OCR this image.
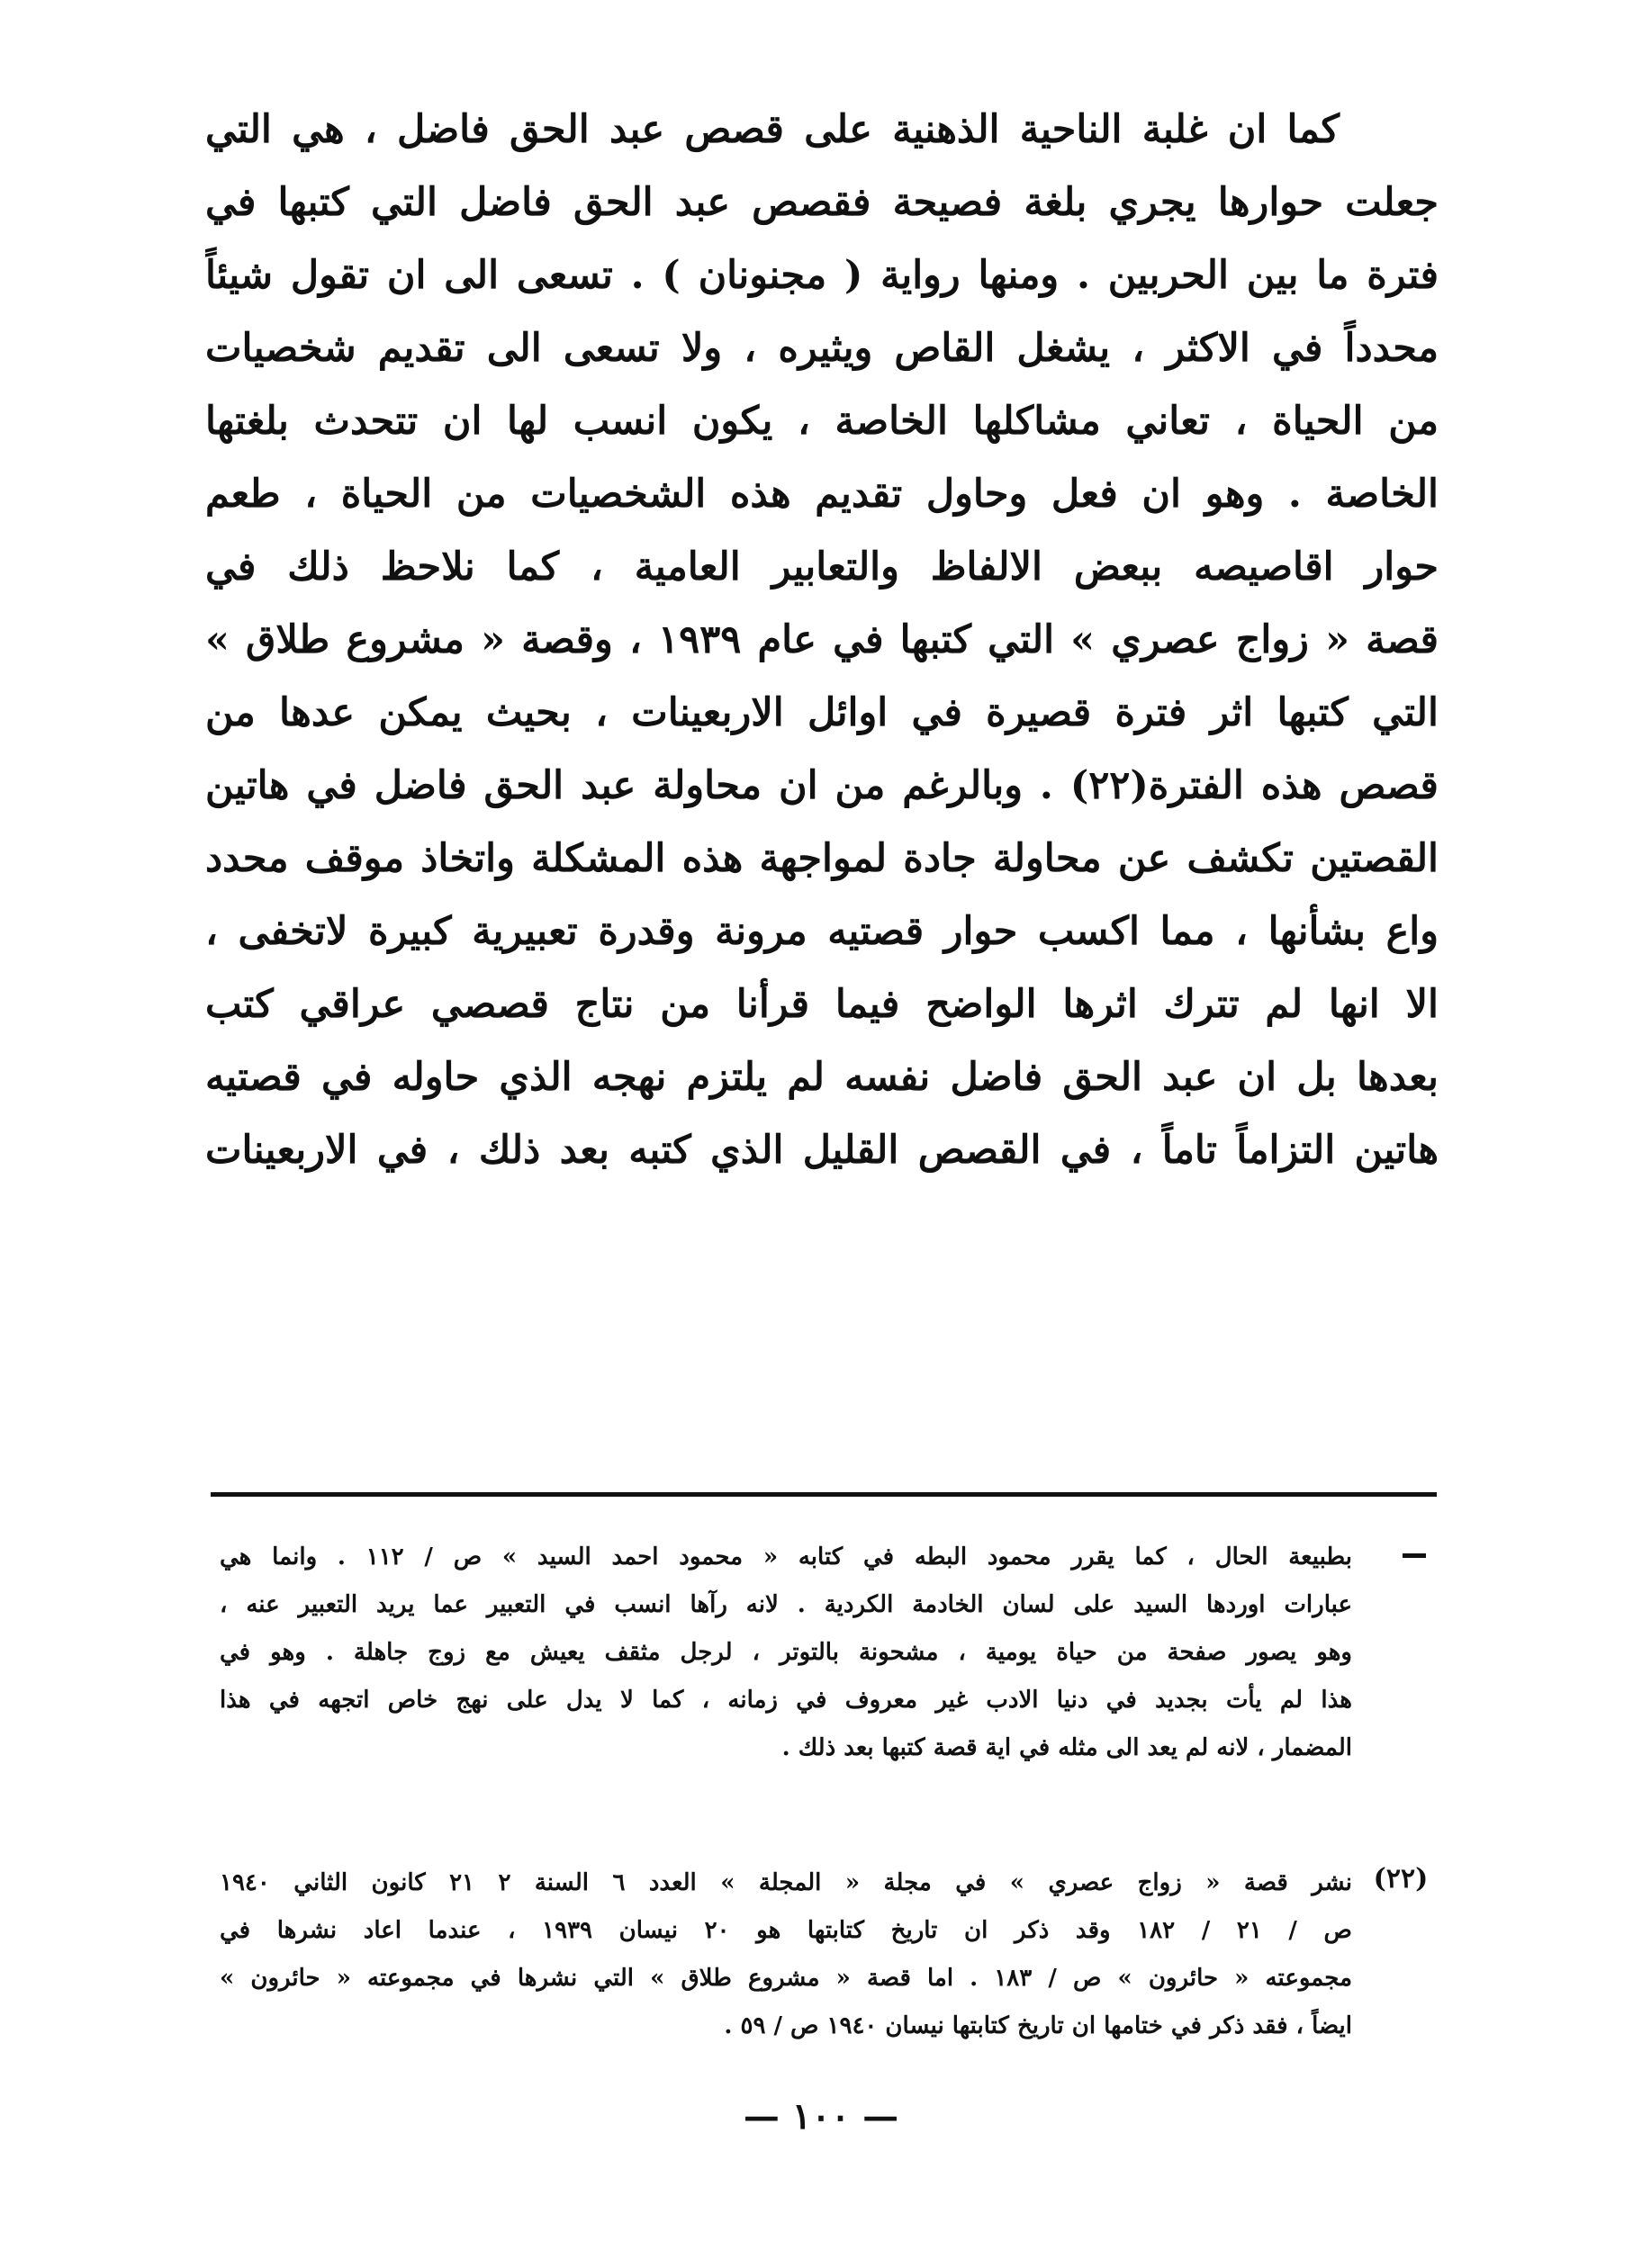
كما ان غلبة الناحية الذهنية على قصص عبد الحق فاضل ، هي التي
جعلت حوارها يجري بلغة فصيحة فقصص عبد الحق فاضل التي كتبها في
فترة ما بين الحربين . ومنها رواية ( مجنونان ) . تسعى الى ان تقول شيئاً
محدداً في الاكثر ، يشغل القاص ويثيره ، ولا تسعى الى تقديم شخصيات
من الحياة ، تعاني مشاكلها الخاصة ، يكون انسب لها ان تتحدث بلغتها
الخاصة . وهو ان فعل وحاول تقديم هذه الشخصيات من الحياة ، طعم
حوار اقاصيصه ببعض الالفاظ والتعابير العامية ، كما نلاحظ ذلك في
قصة « زواج عصري » التي كتبها في عام ١٩٣٩ ، وقصة « مشروع طلاق »
التي كتبها اثر فترة قصيرة في اوائل الاربعينات ، بحيث يمكن عدها من
قصص هذه الفترة(٢٢) . وبالرغم من ان محاولة عبد الحق فاضل في هاتين
القصتين تكشف عن محاولة جادة لمواجهة هذه المشكلة واتخاذ موقف محدد
واع بشأنها ، مما اكسب حوار قصتيه مرونة وقدرة تعبيرية كبيرة لاتخفى ،
الا انها لم تترك اثرها الواضح فيما قرأنا من نتاج قصصي عراقي كتب
بعدها بل ان عبد الحق فاضل نفسه لم يلتزم نهجه الذي حاوله في قصتيه
هاتين التزاماً تاماً ، في القصص القليل الذي كتبه بعد ذلك ، في الاربعينات
بطبيعة الحال ، كما يقرر محمود البطه في كتابه « محمود احمد السيد » ص / ١١٢ . وانما هي
عبارات اوردها السيد على لسان الخادمة الكردية . لانه رآها انسب في التعبير عما يريد التعبير عنه ،
وهو يصور صفحة من حياة يومية ، مشحونة بالتوتر ، لرجل مثقف يعيش مع زوج جاهلة . وهو في
هذا لم يأت بجديد في دنيا الادب غير معروف في زمانه ، كما لا يدل على نهج خاص اتجهه في هذا
المضمار ، لانه لم يعد الى مثله في اية قصة كتبها بعد ذلك .
(٢٢)
نشر قصة « زواج عصري » في مجلة « المجلة » العدد ٦ السنة ٢ ٢١ كانون الثاني ١٩٤٠
ص / ٢١ / ١٨٢ وقد ذكر ان تاريخ كتابتها هو ٢٠ نيسان ١٩٣٩ ، عندما اعاد نشرها في
مجموعته « حائرون » ص / ١٨٣ . اما قصة « مشروع طلاق » التي نشرها في مجموعته « حائرون »
ايضاً ، فقد ذكر في ختامها ان تاريخ كتابتها نيسان ١٩٤٠ ص / ٥٩ .
— ١٠٠ —
